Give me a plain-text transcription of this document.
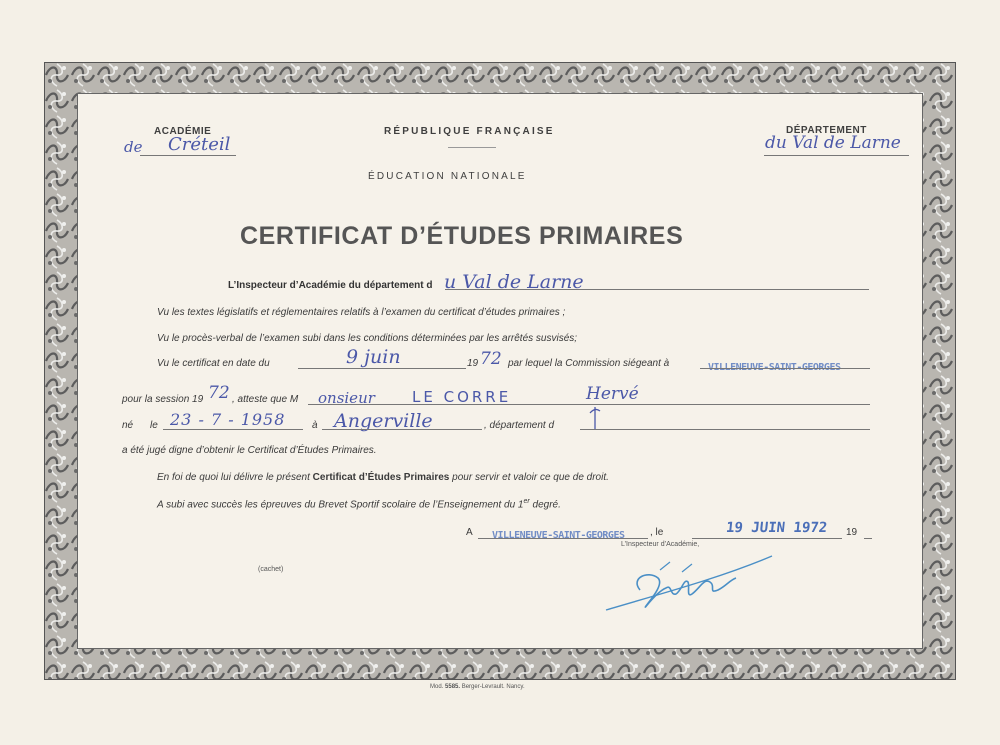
ACADÉMIE
de Créteil
RÉPUBLIQUE FRANÇAISE
ÉDUCATION NATIONALE
DÉPARTEMENT
du Val de Larne
CERTIFICAT D’ÉTUDES PRIMAIRES
L’Inspecteur d’Académie du département d u Val de Larne
Vu les textes législatifs et réglementaires relatifs à l’examen du certificat d’études primaires ;
Vu le procès-verbal de l’examen subi dans les conditions déterminées par les arrêtés susvisés;
Vu le certificat en date du	9 juin	19 72 par lequel la Commission siégeant à	VILLENEUVE-SAINT-GEORGES
pour la session 19 72 , atteste que M onsieur LE CORRE	Hervé
né le 23 - 7 - 1958	à Angerville	, département d
a été jugé digne d’obtenir le Certificat d’Études Primaires.
En foi de quoi lui délivre le présent Certificat d’Études Primaires pour servir et valoir ce que de droit.
A subi avec succès les épreuves du Brevet Sportif scolaire de l’Enseignement du 1er degré.
A VILLENEUVE-SAINT-GEORGES	, le	19 JUIN 1972 19
L’Inspecteur d’Académie,
(cachet)
Mod. 5585. Berger-Levrault. Nancy.
